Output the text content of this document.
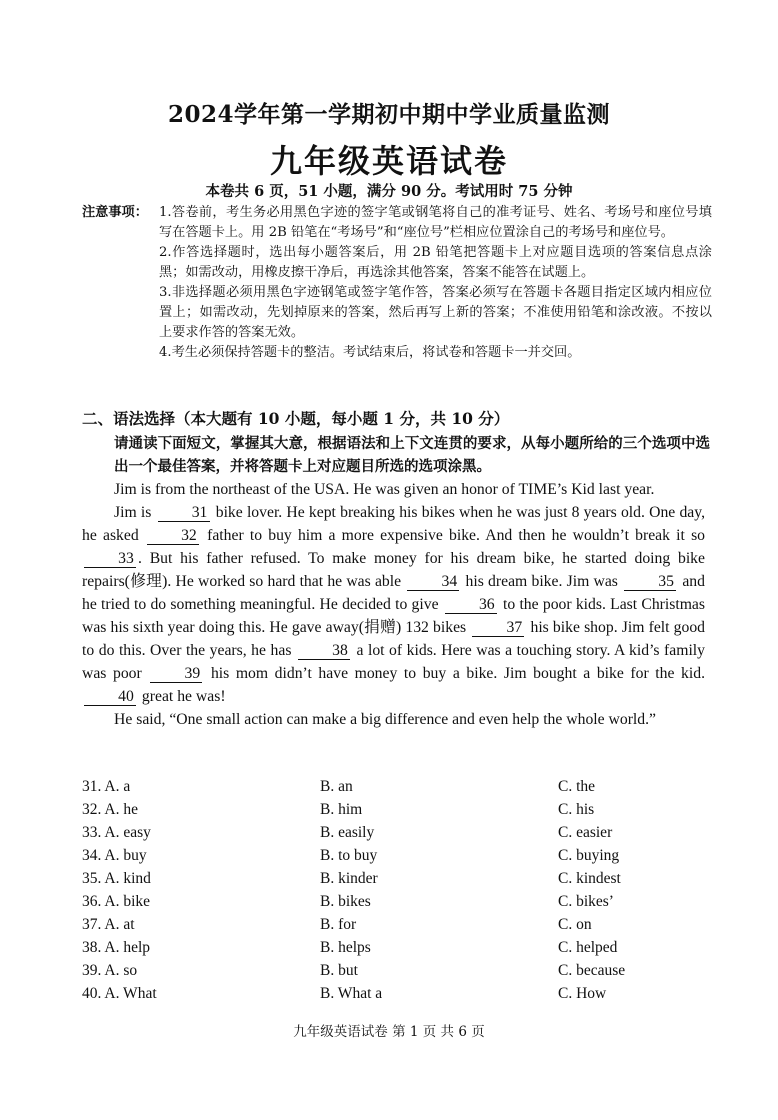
2024学年第一学期初中期中学业质量监测
九年级英语试卷
本卷共 6 页，51 小题，满分 90 分。考试用时 75 分钟
注意事项： 1.答卷前，考生务必用黑色字迹的签字笔或钢笔将自己的准考证号、姓名、考场号和座位号填写在答题卡上。用 2B 铅笔在“考场号”和“座位号”栏相应位置涂自己的考场号和座位号。
2.作答选择题时，选出每小题答案后，用 2B 铅笔把答题卡上对应题目选项的答案信息点涂黑；如需改动，用橡皮擦干净后，再选涂其他答案，答案不能答在试题上。
3.非选择题必须用黑色字迹钢笔或签字笔作答，答案必须写在答题卡各题目指定区域内相应位置上；如需改动，先划掉原来的答案，然后再写上新的答案；不准使用铅笔和涂改液。不按以上要求作答的答案无效。
4.考生必须保持答题卡的整洁。考试结束后，将试卷和答题卡一并交回。
二、语法选择（本大题有 10 小题，每小题 1 分，共 10 分）
请通读下面短文，掌握其大意，根据语法和上下文连贯的要求，从每小题所给的三个选项中选出一个最佳答案，并将答题卡上对应题目所选的选项涂黑。

Jim is from the northeast of the USA. He was given an honor of TIME’s Kid last year.

Jim is	31 bike lover. He kept breaking his bikes when he was just 8 years old. One day, he asked	32 father to buy him a more expensive bike. And then he wouldn’t break it so 33 . But his father refused. To make money for his dream bike, he started doing bike repairs(修理). He worked so hard that he was able	34 his dream bike. Jim was	35 and he tried to do something meaningful. He decided to give	36 to the poor kids. Last Christmas was his sixth year doing this. He gave away(捐赠) 132 bikes	37 his bike shop. Jim felt good to do this. Over the years, he has	38 a lot of kids. Here was a touching story. A kid’s family was poor	39 his mom didn’t have money to buy a bike. Jim bought a bike for the kid. 40 great he was!

He said, “One small action can make a big difference and even help the whole world.”

31. A. a	B. an	C. the
32. A. he	B. him	C. his
33. A. easy	B. easily	C. easier
34. A. buy	B. to buy	C. buying
35. A. kind	B. kinder	C. kindest
36. A. bike	B. bikes	C. bikes’
37. A. at	B. for	C. on
38. A. help	B. helps	C. helped
39. A. so	B. but	C. because
40. A. What	B. What a	C. How
九年级英语试卷 第 1 页 共 6 页
